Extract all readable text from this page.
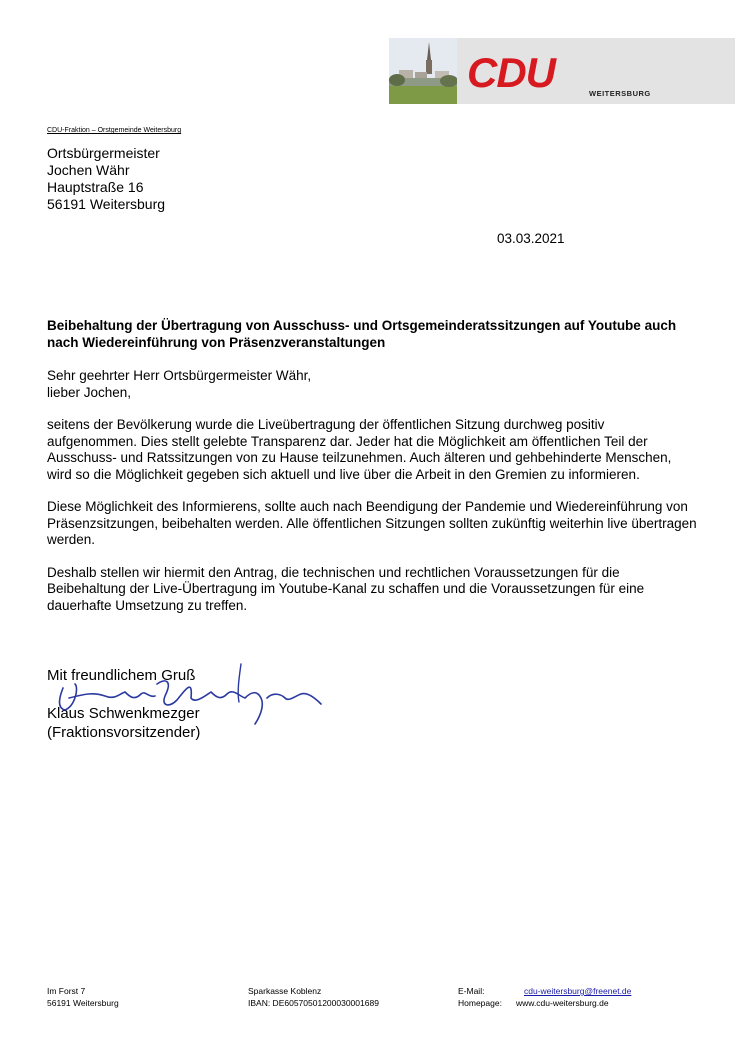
CDU	WEITERSBURG
CDU-Fraktion – Orstgemeinde Weitersburg
Ortsbürgermeister
Jochen Währ
Hauptstraße 16
56191 Weitersburg
03.03.2021
Beibehaltung der Übertragung von Ausschuss- und Ortsgemeinderatssitzungen auf Youtube auch nach Wiedereinführung von Präsenzveranstaltungen

Sehr geehrter Herr Ortsbürgermeister Währ,
lieber Jochen,

seitens der Bevölkerung wurde die Liveübertragung der öffentlichen Sitzung durchweg positiv aufgenommen. Dies stellt gelebte Transparenz dar. Jeder hat die Möglichkeit am öffentlichen Teil der Ausschuss- und Ratssitzungen von zu Hause teilzunehmen. Auch älteren und gehbehinderte Menschen, wird so die Möglichkeit gegeben sich aktuell und live über die Arbeit in den Gremien zu informieren.

Diese Möglichkeit des Informierens, sollte auch nach Beendigung der Pandemie und Wiedereinführung von Präsenzsitzungen, beibehalten werden. Alle öffentlichen Sitzungen sollten zukünftig weiterhin live übertragen werden.

Deshalb stellen wir hiermit den Antrag, die technischen und rechtlichen Voraussetzungen für die Beibehaltung der Live-Übertragung im Youtube-Kanal zu schaffen und die Voraussetzungen für eine dauerhafte Umsetzung zu treffen.

Mit freundlichem Gruß
Klaus Schwenkmezger
(Fraktionsvorsitzender)
Im Forst 7
56191 Weitersburg
Sparkasse Koblenz
IBAN: DE60570501200030001689
E-Mail:	cdu-weitersburg@freenet.de
Homepage:	www.cdu-weitersburg.de
